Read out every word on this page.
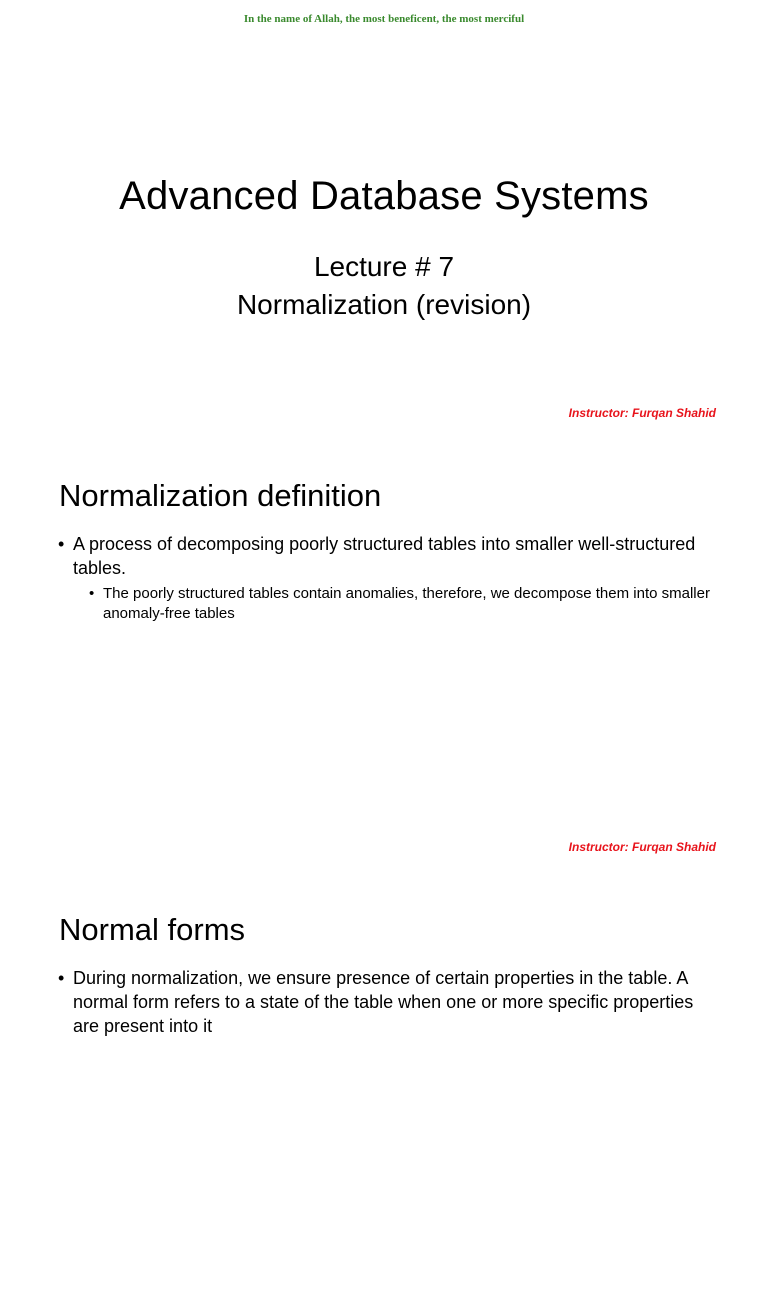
In the name of Allah, the most beneficent, the most merciful

Advanced Database Systems
Lecture # 7
Normalization (revision)

Instructor: Furqan Shahid

Normalization definition
• A process of decomposing poorly structured tables into smaller well-structured tables.
• The poorly structured tables contain anomalies, therefore, we decompose them into smaller anomaly-free tables

Instructor: Furqan Shahid

Normal forms
• During normalization, we ensure presence of certain properties in the table. A normal form refers to a state of the table when one or more specific properties are present into it
